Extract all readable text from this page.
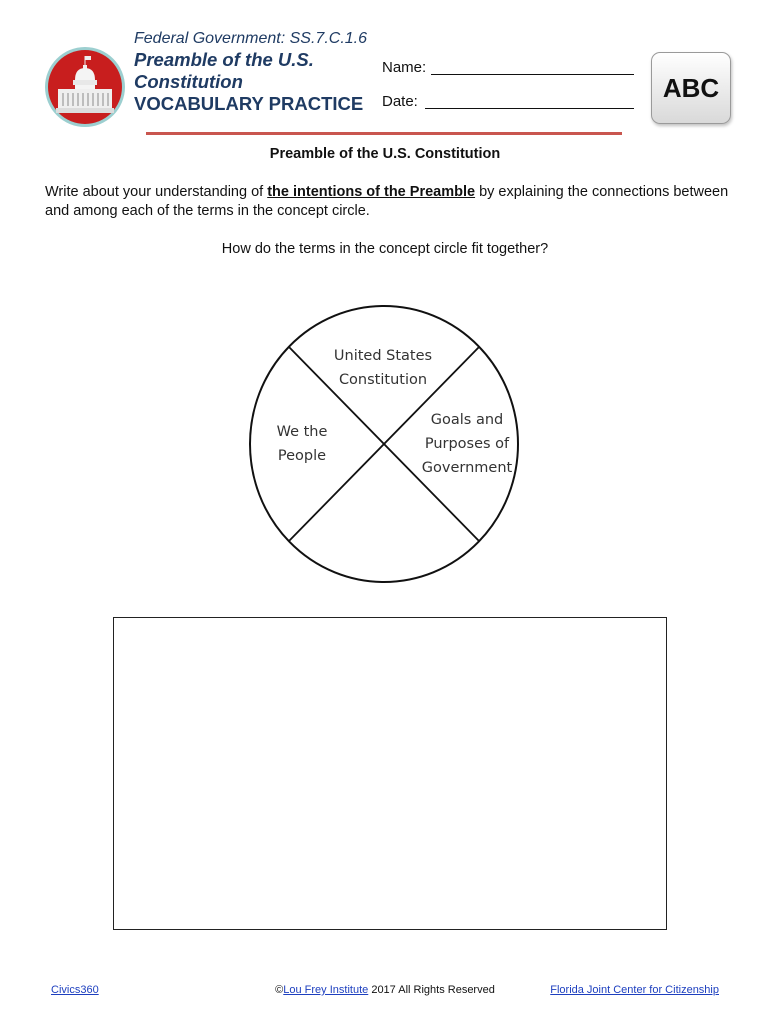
Federal Government: SS.7.C.1.6
Preamble of the U.S. Constitution
VOCABULARY PRACTICE
Name:
Date:	ABC
Preamble of the U.S. Constitution
Write about your understanding of the intentions of the Preamble by explaining the connections between and among each of the terms in the concept circle.
How do the terms in the concept circle fit together?
United States
Constitution
We the
People
Goals and
Purposes of
Government
Civics360	©Lou Frey Institute 2017 All Rights Reserved	Florida Joint Center for Citizenship
